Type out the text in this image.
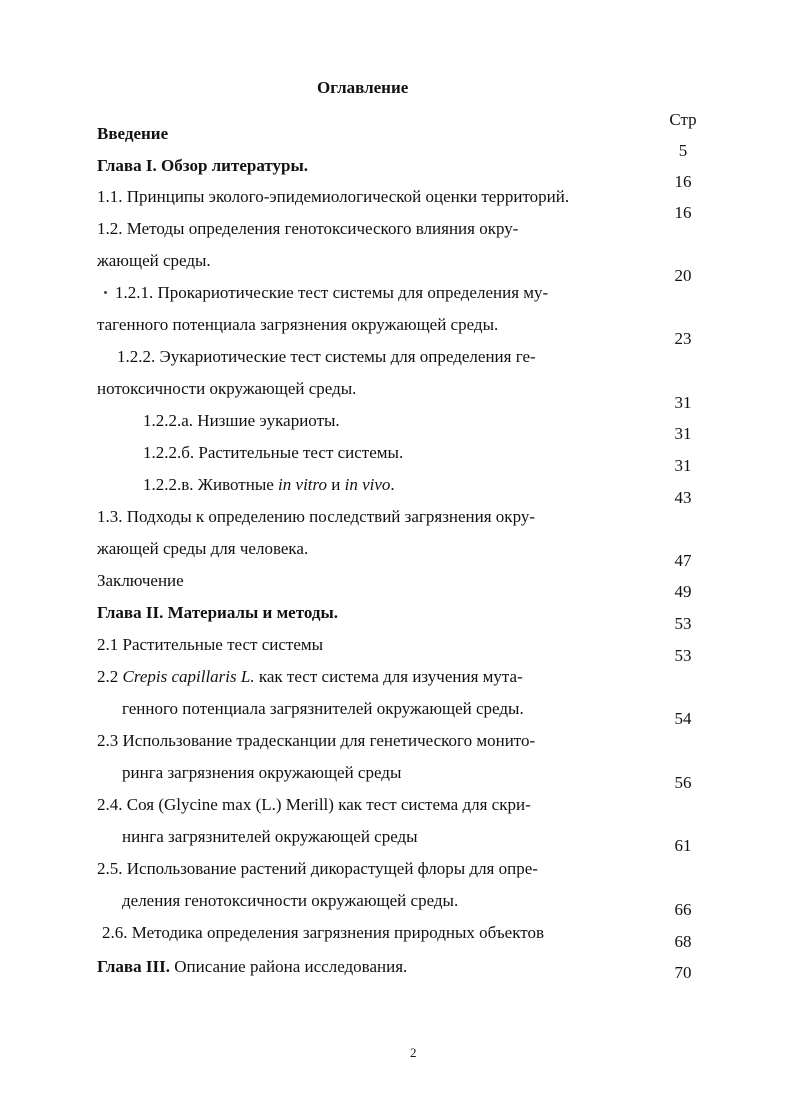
Оглавление
Стр
Введение
Глава I. Обзор литературы.
1.1. Принципы эколого-эпидемиологической оценки территорий.
1.2. Методы определения генотоксического влияния окру-
жающей среды.
1.2.1. Прокариотические тест системы для определения му-
тагенного потенциала загрязнения окружающей среды.
1.2.2. Эукариотические тест системы для определения ге-
нотоксичности окружающей среды.
1.2.2.а. Низшие эукариоты.
1.2.2.б. Растительные тест системы.
1.2.2.в. Животные in vitro и in vivo.
1.3. Подходы к определению последствий загрязнения окру-
жающей среды для человека.
Заключение
Глава II. Материалы и методы.
2.1 Растительные тест системы
2.2 Crepis capillaris L. как тест система для изучения мута-
генного потенциала загрязнителей окружающей среды.
2.3 Использование традесканции для генетического монито-
ринга загрязнения окружающей среды
2.4. Соя (Glycine max (L.) Merill) как тест система для скри-
нинга загрязнителей окружающей среды
2.5. Использование растений дикорастущей флоры для опре-
деления генотоксичности окружающей среды.
2.6. Методика определения загрязнения природных объектов
Глава III. Описание района исследования.
5
16
16
20
23
31
31
31
43
47
49
53
53
54
56
61
66
68
70
2
